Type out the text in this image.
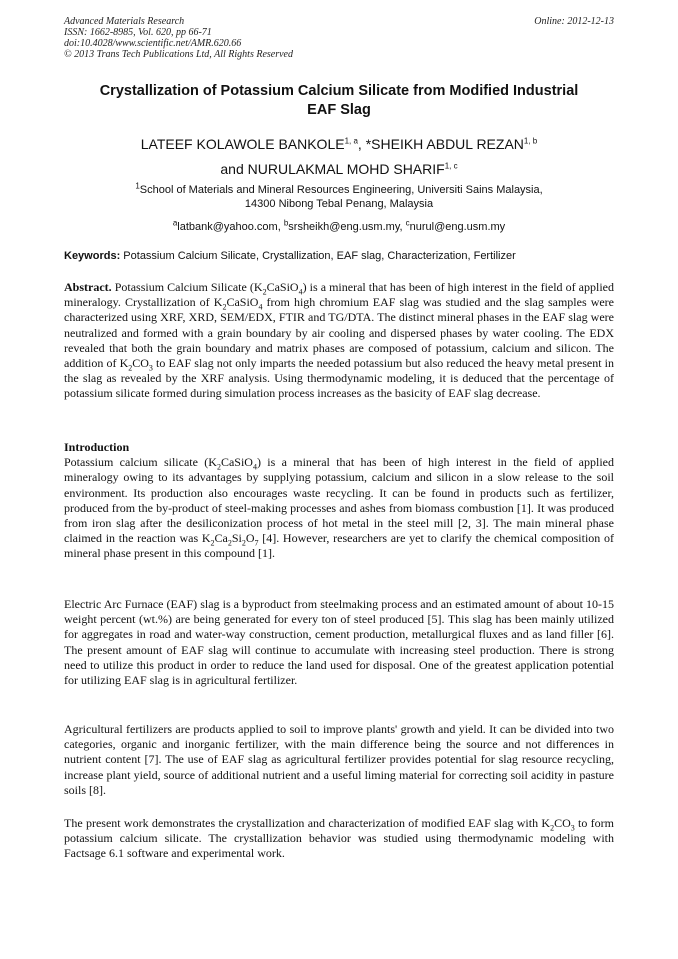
Advanced Materials Research
ISSN: 1662-8985, Vol. 620, pp 66-71
doi:10.4028/www.scientific.net/AMR.620.66
© 2013 Trans Tech Publications Ltd, All Rights Reserved
Online: 2012-12-13
Crystallization of Potassium Calcium Silicate from Modified Industrial
EAF Slag
LATEEF KOLAWOLE BANKOLE$^{1, a}$, *SHEIKH ABDUL REZAN$^{1, b}$
and NURULAKMAL MOHD SHARIF$^{1, c}$
$^1$School of Materials and Mineral Resources Engineering, Universiti Sains Malaysia,
14300 Nibong Tebal Penang, Malaysia
$^a$latbank@yahoo.com, $^b$srsheikh@eng.usm.my, $^c$nurul@eng.usm.my
Keywords: Potassium Calcium Silicate, Crystallization, EAF slag, Characterization, Fertilizer

Abstract. Potassium Calcium Silicate $(K_2CaSiO_4)$ is a mineral that has been of high interest in the field of applied mineralogy. Crystallization of $K_2CaSiO_4$ from high chromium EAF slag was studied and the slag samples were characterized using XRF, XRD, SEM/EDX, FTIR and TG/DTA. The distinct mineral phases in the EAF slag were neutralized and formed with a grain boundary by air cooling and dispersed phases by water cooling. The EDX revealed that both the grain boundary and matrix phases are composed of potassium, calcium and silicon. The addition of $K_2CO_3$ to EAF slag not only imparts the needed potassium but also reduced the heavy metal present in the slag as revealed by the XRF analysis. Using thermodynamic modeling, it is deduced that the percentage of potassium silicate formed during simulation process increases as the basicity of EAF slag decrease.

Introduction

Potassium calcium silicate $(K_2CaSiO_4)$ is a mineral that has been of high interest in the field of applied mineralogy owing to its advantages by supplying potassium, calcium and silicon in a slow release to the soil environment. Its production also encourages waste recycling. It can be found in products such as fertilizer, produced from the by-product of steel-making processes and ashes from biomass combustion [1]. It was produced from iron slag after the desiliconization process of hot metal in the steel mill [2, 3]. The main mineral phase claimed in the reaction was $K_2Ca_2Si_2O_7$ [4]. However, researchers are yet to clarify the chemical composition of mineral phase present in this compound [1].

Electric Arc Furnace (EAF) slag is a byproduct from steelmaking process and an estimated amount of about 10-15 weight percent (wt.%) are being generated for every ton of steel produced [5]. This slag has been mainly utilized for aggregates in road and water-way construction, cement production, metallurgical fluxes and as land filler [6]. The present amount of EAF slag will continue to accumulate with increasing steel production. There is strong need to utilize this product in order to reduce the land used for disposal. One of the greatest application potential for utilizing EAF slag is in agricultural fertilizer.

Agricultural fertilizers are products applied to soil to improve plants' growth and yield. It can be divided into two categories, organic and inorganic fertilizer, with the main difference being the source and not differences in nutrient content [7]. The use of EAF slag as agricultural fertilizer provides potential for slag resource recycling, increase plant yield, source of additional nutrient and a useful liming material for correcting soil acidity in pasture soils [8].

The present work demonstrates the crystallization and characterization of modified EAF slag with $K_2CO_3$ to form potassium calcium silicate. The crystallization behavior was studied using thermodynamic modeling with Factsage 6.1 software and experimental work.
